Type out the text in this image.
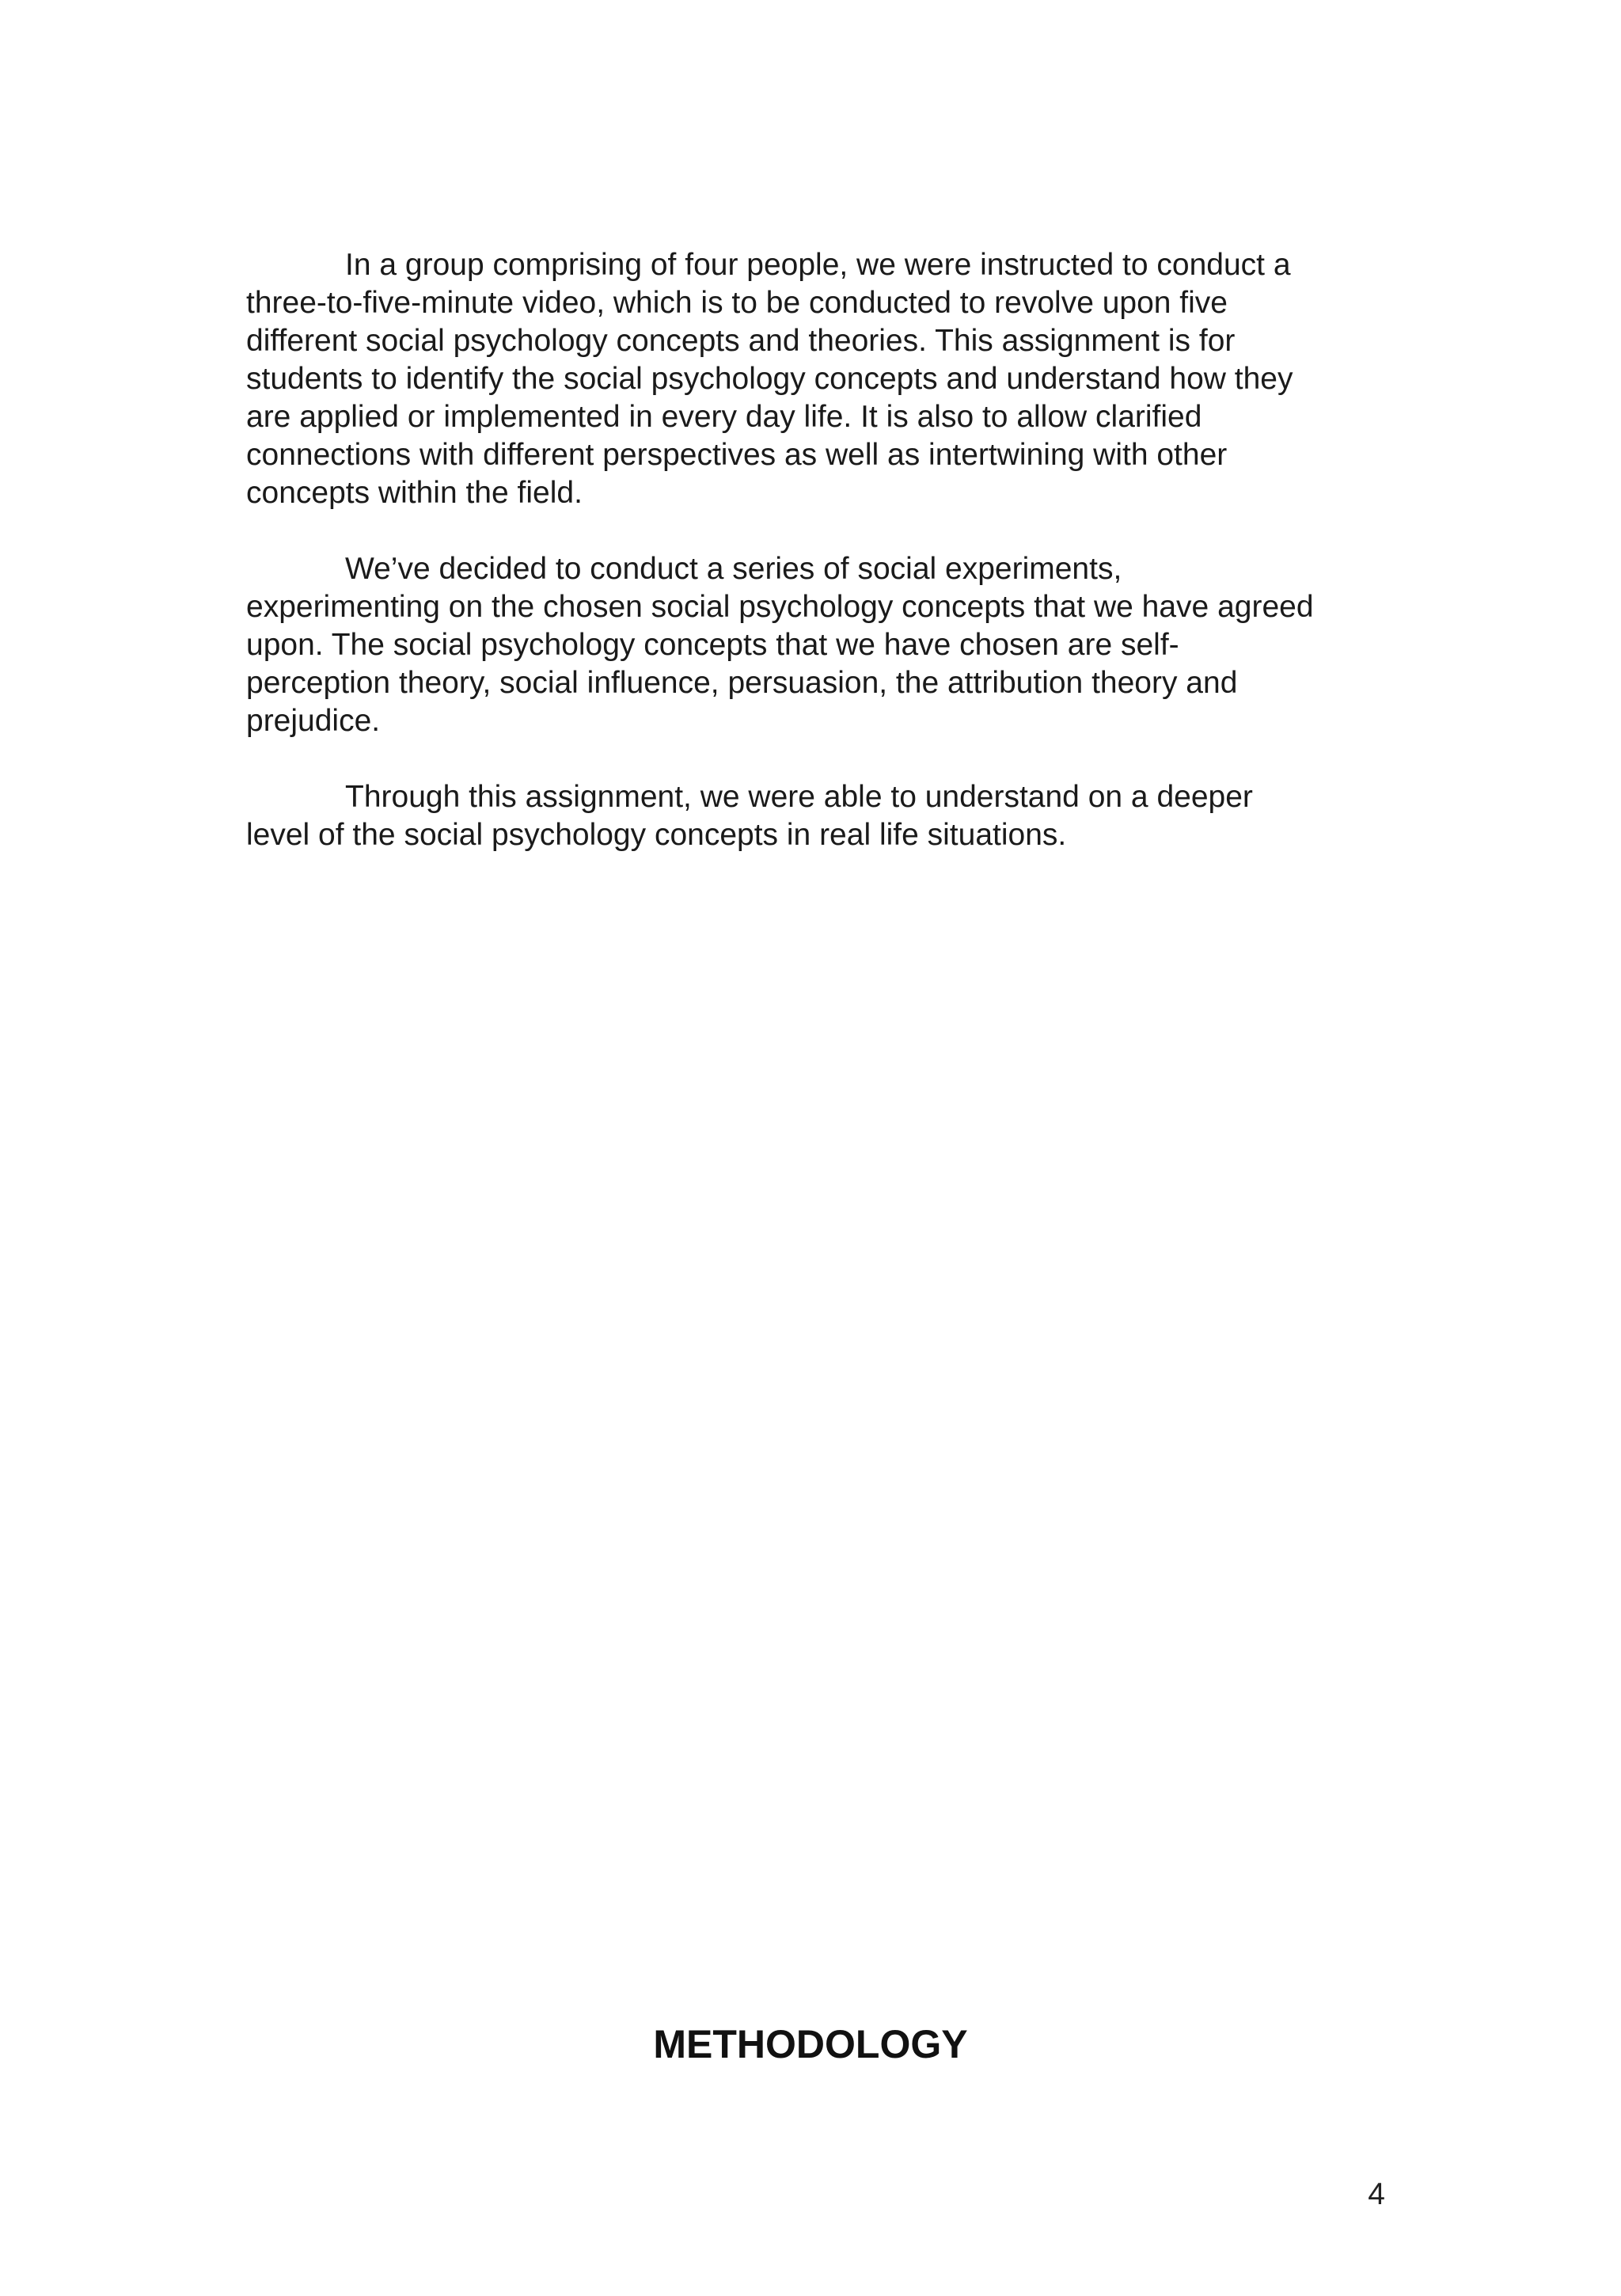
In a group comprising of four people, we were instructed to conduct a
three-to-five-minute video, which is to be conducted to revolve upon five
different social psychology concepts and theories. This assignment is for
students to identify the social psychology concepts and understand how they
are applied or implemented in every day life. It is also to allow clarified
connections with different perspectives as well as intertwining with other
concepts within the field.

We’ve decided to conduct a series of social experiments,
experimenting on the chosen social psychology concepts that we have agreed
upon. The social psychology concepts that we have chosen are self-
perception theory, social influence, persuasion, the attribution theory and
prejudice.

Through this assignment, we were able to understand on a deeper
level of the social psychology concepts in real life situations.

METHODOLOGY
4
